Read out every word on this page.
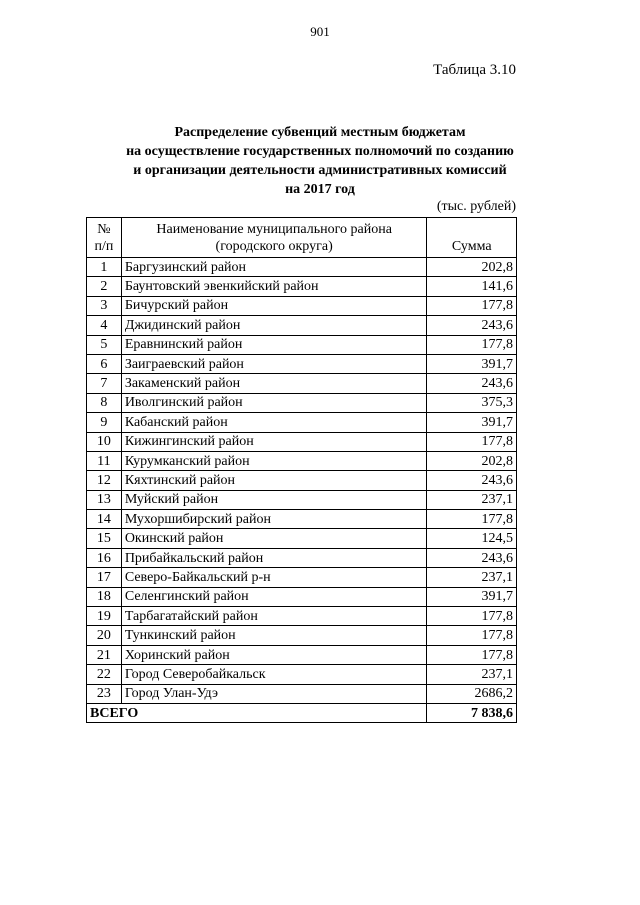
901
Таблица 3.10
Распределение субвенций местным бюджетам
на осуществление государственных полномочий по созданию
и организации деятельности административных комиссий
на 2017 год
(тыс. рублей)
№ п/п	Наименование муниципального района (городского округа)	Сумма
1	Баргузинский район	202,8
2	Баунтовский эвенкийский район	141,6
3	Бичурский район	177,8
4	Джидинский район	243,6
5	Еравнинский район	177,8
6	Заиграевский район	391,7
7	Закаменский район	243,6
8	Иволгинский район	375,3
9	Кабанский район	391,7
10	Кижингинский район	177,8
11	Курумканский район	202,8
12	Кяхтинский район	243,6
13	Муйский район	237,1
14	Мухоршибирский район	177,8
15	Окинский район	124,5
16	Прибайкальский район	243,6
17	Северо-Байкальский р-н	237,1
18	Селенгинский район	391,7
19	Тарбагатайский район	177,8
20	Тункинский район	177,8
21	Хоринский район	177,8
22	Город Северобайкальск	237,1
23	Город Улан-Удэ	2686,2
ВСЕГО		7 838,6
